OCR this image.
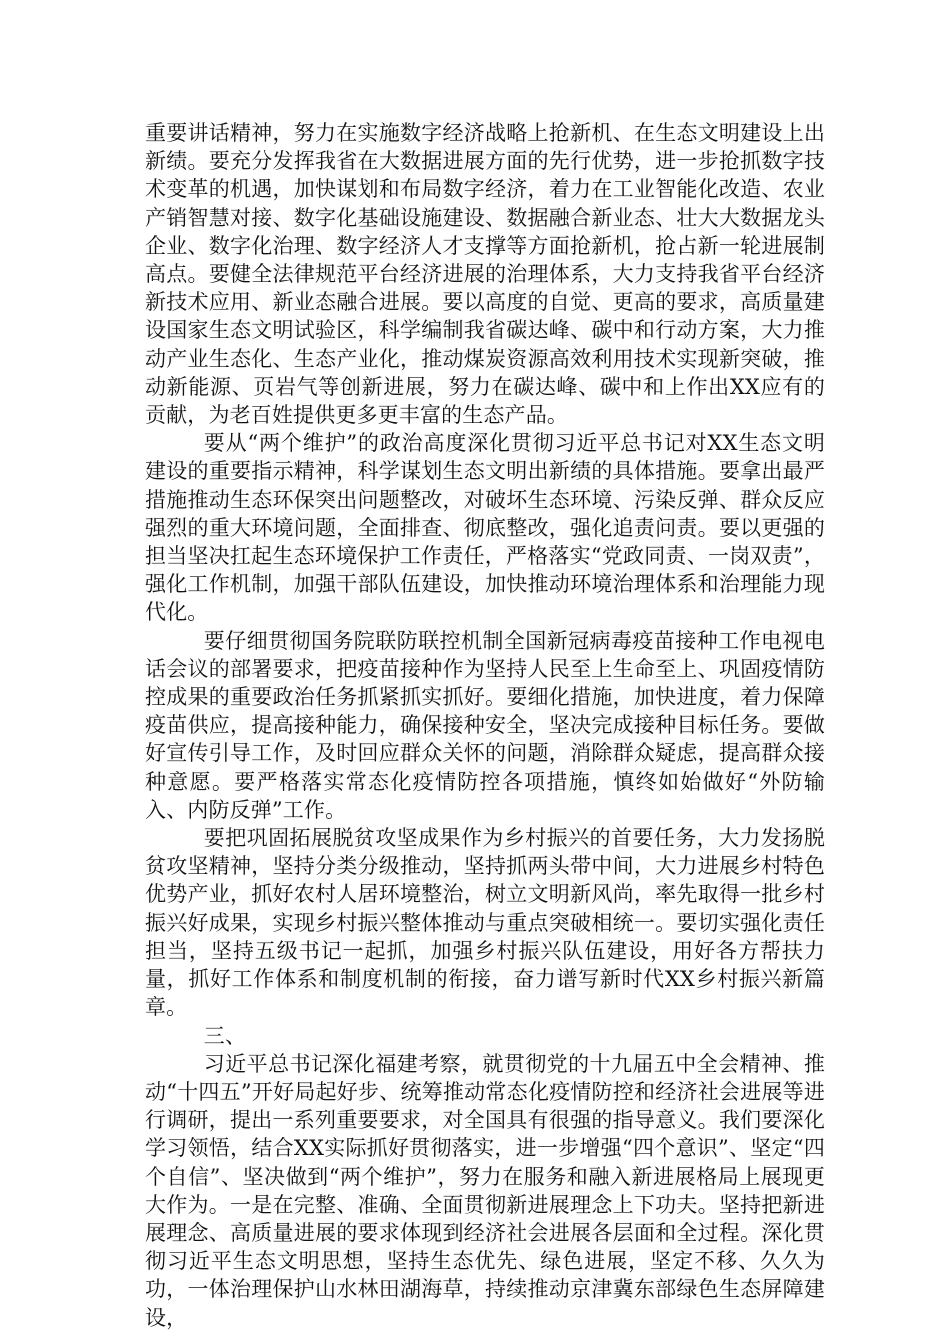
重要讲话精神，努力在实施数字经济战略上抢新机、在生态文明建设上出新绩。要充分发挥我省在大数据进展方面的先行优势，进一步抢抓数字技术变革的机遇，加快谋划和布局数字经济，着力在工业智能化改造、农业产销智慧对接、数字化基础设施建设、数据融合新业态、壮大大数据龙头企业、数字化治理、数字经济人才支撑等方面抢新机，抢占新一轮进展制高点。要健全法律规范平台经济进展的治理体系，大力支持我省平台经济新技术应用、新业态融合进展。要以高度的自觉、更高的要求，高质量建设国家生态文明试验区，科学编制我省碳达峰、碳中和行动方案，大力推动产业生态化、生态产业化，推动煤炭资源高效利用技术实现新突破，推动新能源、页岩气等创新进展，努力在碳达峰、碳中和上作出XX应有的贡献，为老百姓提供更多更丰富的生态产品。

要从“两个维护”的政治高度深化贯彻习近平总书记对XX生态文明建设的重要指示精神，科学谋划生态文明出新绩的具体措施。要拿出最严措施推动生态环保突出问题整改，对破坏生态环境、污染反弹、群众反应强烈的重大环境问题，全面排查、彻底整改，强化追责问责。要以更强的担当坚决扛起生态环境保护工作责任，严格落实“党政同责、一岗双责”，强化工作机制，加强干部队伍建设，加快推动环境治理体系和治理能力现代化。

要仔细贯彻国务院联防联控机制全国新冠病毒疫苗接种工作电视电话会议的部署要求，把疫苗接种作为坚持人民至上生命至上、巩固疫情防控成果的重要政治任务抓紧抓实抓好。要细化措施，加快进度，着力保障疫苗供应，提高接种能力，确保接种安全，坚决完成接种目标任务。要做好宣传引导工作，及时回应群众关怀的问题，消除群众疑虑，提高群众接种意愿。要严格落实常态化疫情防控各项措施，慎终如始做好“外防输入、内防反弹”工作。

要把巩固拓展脱贫攻坚成果作为乡村振兴的首要任务，大力发扬脱贫攻坚精神，坚持分类分级推动，坚持抓两头带中间，大力进展乡村特色优势产业，抓好农村人居环境整治，树立文明新风尚，率先取得一批乡村振兴好成果，实现乡村振兴整体推动与重点突破相统一。要切实强化责任担当，坚持五级书记一起抓，加强乡村振兴队伍建设，用好各方帮扶力量，抓好工作体系和制度机制的衔接，奋力谱写新时代XX乡村振兴新篇章。

三、

习近平总书记深化福建考察，就贯彻党的十九届五中全会精神、推动“十四五”开好局起好步、统筹推动常态化疫情防控和经济社会进展等进行调研，提出一系列重要要求，对全国具有很强的指导意义。我们要深化学习领悟，结合XX实际抓好贯彻落实，进一步增强“四个意识”、坚定“四个自信”、坚决做到“两个维护”，努力在服务和融入新进展格局上展现更大作为。一是在完整、准确、全面贯彻新进展理念上下功夫。坚持把新进展理念、高质量进展的要求体现到经济社会进展各层面和全过程。深化贯彻习近平生态文明思想，坚持生态优先、绿色进展，坚定不移、久久为功，一体治理保护山水林田湖海草，持续推动京津冀东部绿色生态屏障建设，
